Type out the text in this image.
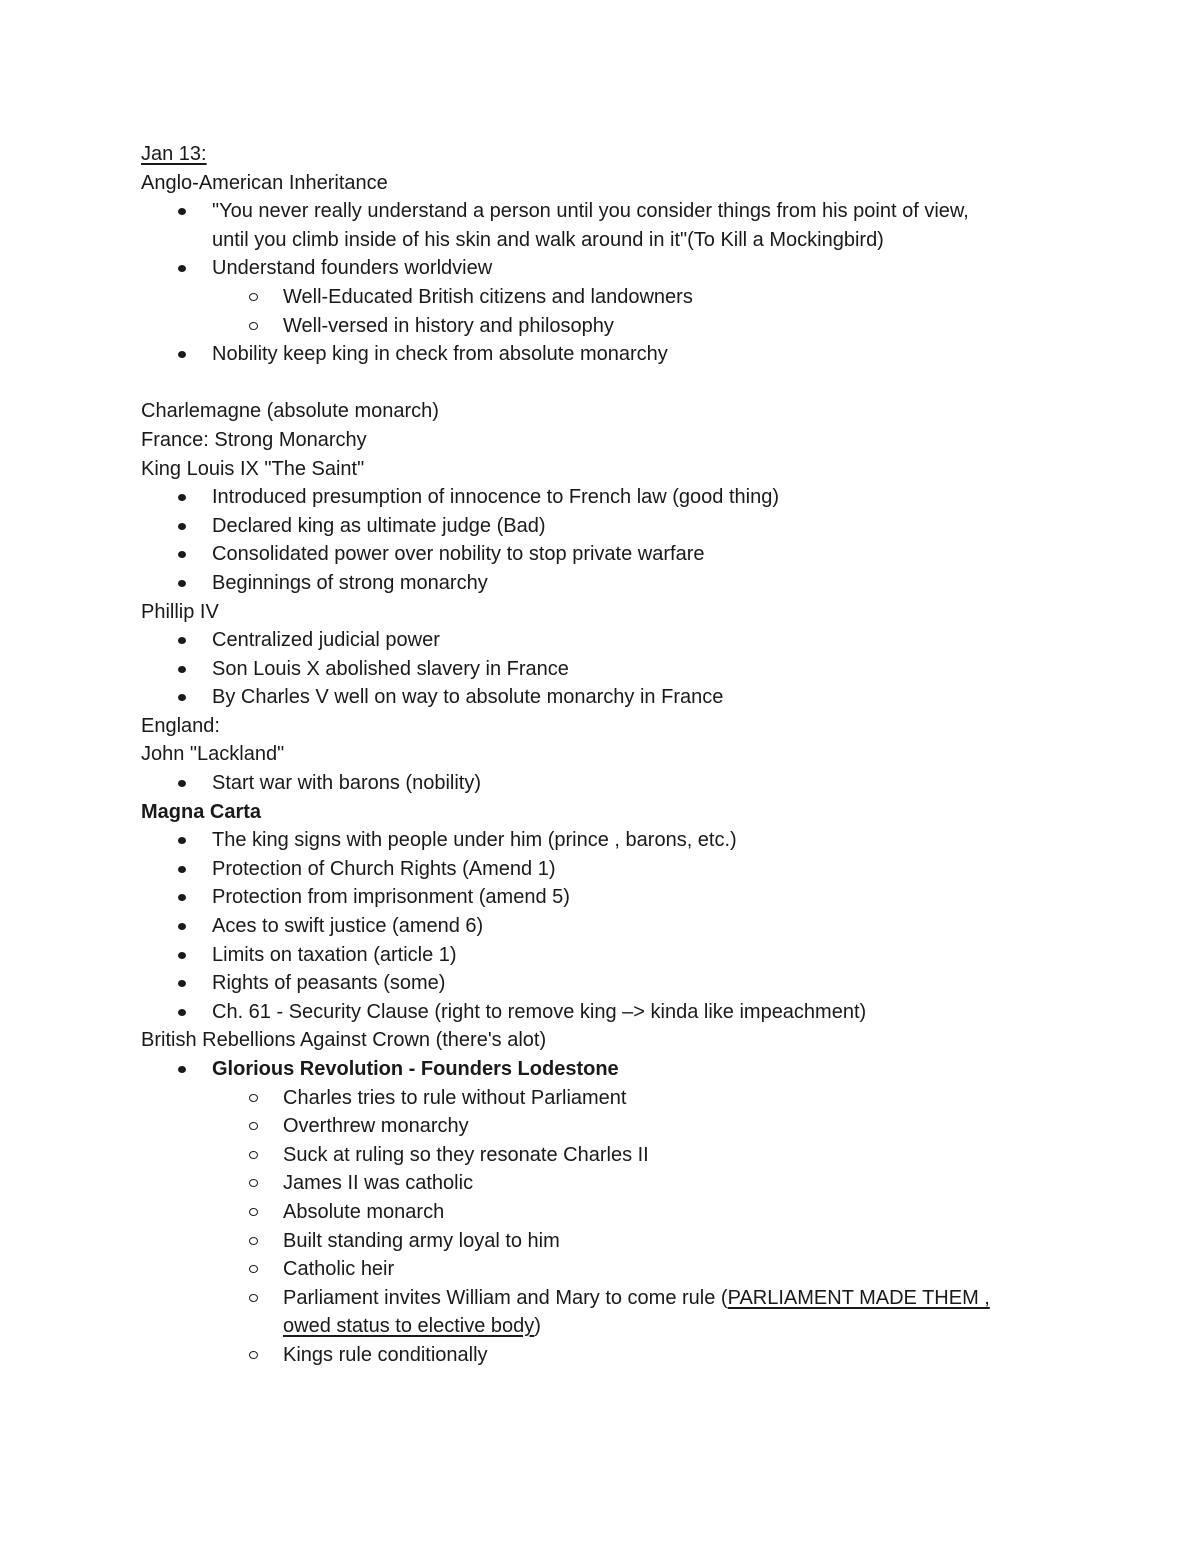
Jan 13:
Anglo-American Inheritance
"You never really understand a person until you consider things from his point of view,
until you climb inside of his skin and walk around in it"(To Kill a Mockingbird)
Understand founders worldview
Well-Educated British citizens and landowners
Well-versed in history and philosophy
Nobility keep king in check from absolute monarchy
Charlemagne (absolute monarch)
France: Strong Monarchy
King Louis IX "The Saint"
Introduced presumption of innocence to French law (good thing)
Declared king as ultimate judge (Bad)
Consolidated power over nobility to stop private warfare
Beginnings of strong monarchy
Phillip IV
Centralized judicial power
Son Louis X abolished slavery in France
By Charles V well on way to absolute monarchy in France
England:
John "Lackland"
Start war with barons (nobility)
Magna Carta
The king signs with people under him (prince , barons, etc.)
Protection of Church Rights (Amend 1)
Protection from imprisonment (amend 5)
Aces to swift justice (amend 6)
Limits on taxation (article 1)
Rights of peasants (some)
Ch. 61 - Security Clause (right to remove king –> kinda like impeachment)
British Rebellions Against Crown (there's alot)
Glorious Revolution - Founders Lodestone
Charles tries to rule without Parliament
Overthrew monarchy
Suck at ruling so they resonate Charles II
James II was catholic
Absolute monarch
Built standing army loyal to him
Catholic heir
Parliament invites William and Mary to come rule (PARLIAMENT MADE THEM ,
owed status to elective body)
Kings rule conditionally
